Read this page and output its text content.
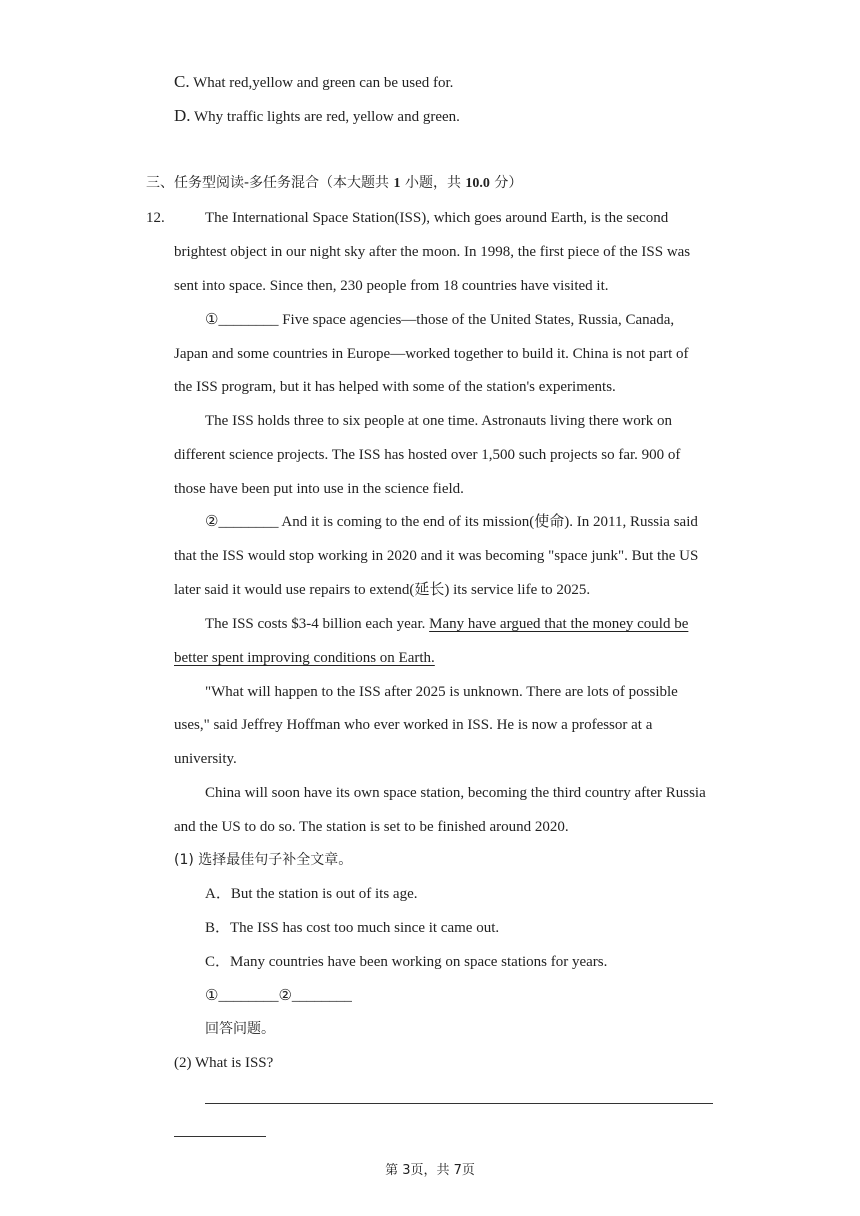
C. What red,yellow and green can be used for.
D. Why traffic lights are red, yellow and green.
三、任务型阅读-多任务混合（本大题共 1 小题，共 10.0 分）
12.	The International Space Station(ISS), which goes around Earth, is the second
brightest object in our night sky after the moon. In 1998, the first piece of the ISS was
sent into space. Since then, 230 people from 18 countries have visited it.
①________ Five space agencies—those of the United States, Russia, Canada,
Japan and some countries in Europe—worked together to build it. China is not part of
the ISS program, but it has helped with some of the station's experiments.
The ISS holds three to six people at one time. Astronauts living there work on
different science projects. The ISS has hosted over 1,500 such projects so far. 900 of
those have been put into use in the science field.
②________ And it is coming to the end of its mission(使命). In 2011, Russia said
that the ISS would stop working in 2020 and it was becoming "space junk". But the US
later said it would use repairs to extend(延长) its service life to 2025.
The ISS costs $3-4 billion each year. Many have argued that the money could be
better spent improving conditions on Earth.
"What will happen to the ISS after 2025 is unknown. There are lots of possible
uses," said Jeffrey Hoffman who ever worked in ISS. He is now a professor at a
university.
China will soon have its own space station, becoming the third country after Russia
and the US to do so. The station is set to be finished around 2020.
(1) 选择最佳句子补全文章。
A．But the station is out of its age.
B．The ISS has cost too much since it came out.
C．Many countries have been working on space stations for years.
①________②________
回答问题。
(2) What is ISS?
第 3页，共 7页
